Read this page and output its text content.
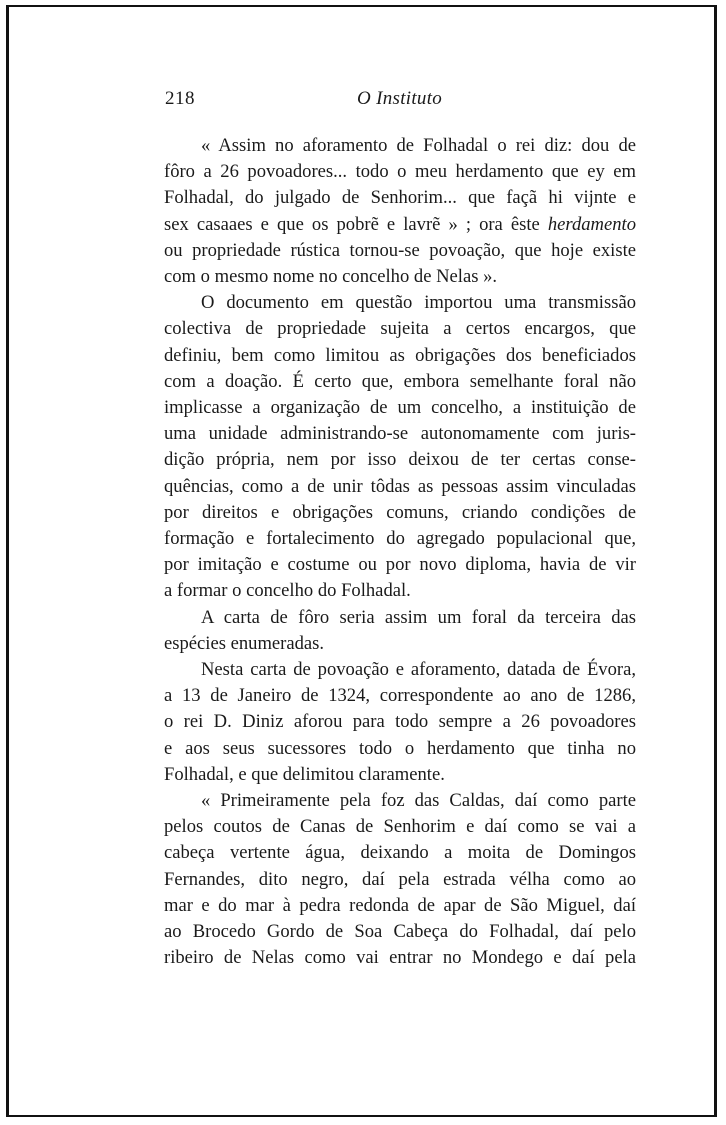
218	O Instituto
« Assim no aforamento de Folhadal o rei diz: dou de
fôro a 26 povoadores... todo o meu herdamento que ey em
Folhadal, do julgado de Senhorim... que façã hi vijnte e
sex casaaes e que os pobrẽ e lavrẽ » ; ora êste herdamento
ou propriedade rústica tornou-se povoação, que hoje existe
com o mesmo nome no concelho de Nelas ».
O documento em questão importou uma transmissão
colectiva de propriedade sujeita a certos encargos, que
definiu, bem como limitou as obrigações dos beneficiados
com a doação. É certo que, embora semelhante foral não
implicasse a organização de um concelho, a instituição de
uma unidade administrando-se autonomamente com juris-
dição própria, nem por isso deixou de ter certas conse-
quências, como a de unir tôdas as pessoas assim vinculadas
por direitos e obrigações comuns, criando condições de
formação e fortalecimento do agregado populacional que,
por imitação e costume ou por novo diploma, havia de vir
a formar o concelho do Folhadal.
A carta de fôro seria assim um foral da terceira das
espécies enumeradas.
Nesta carta de povoação e aforamento, datada de Évora,
a 13 de Janeiro de 1324, correspondente ao ano de 1286,
o rei D. Diniz aforou para todo sempre a 26 povoadores
e aos seus sucessores todo o herdamento que tinha no
Folhadal, e que delimitou claramente.
« Primeiramente pela foz das Caldas, daí como parte
pelos coutos de Canas de Senhorim e daí como se vai a
cabeça vertente água, deixando a moita de Domingos
Fernandes, dito negro, daí pela estrada vélha como ao
mar e do mar à pedra redonda de apar de São Miguel, daí
ao Brocedo Gordo de Soa Cabeça do Folhadal, daí pelo
ribeiro de Nelas como vai entrar no Mondego e daí pela
